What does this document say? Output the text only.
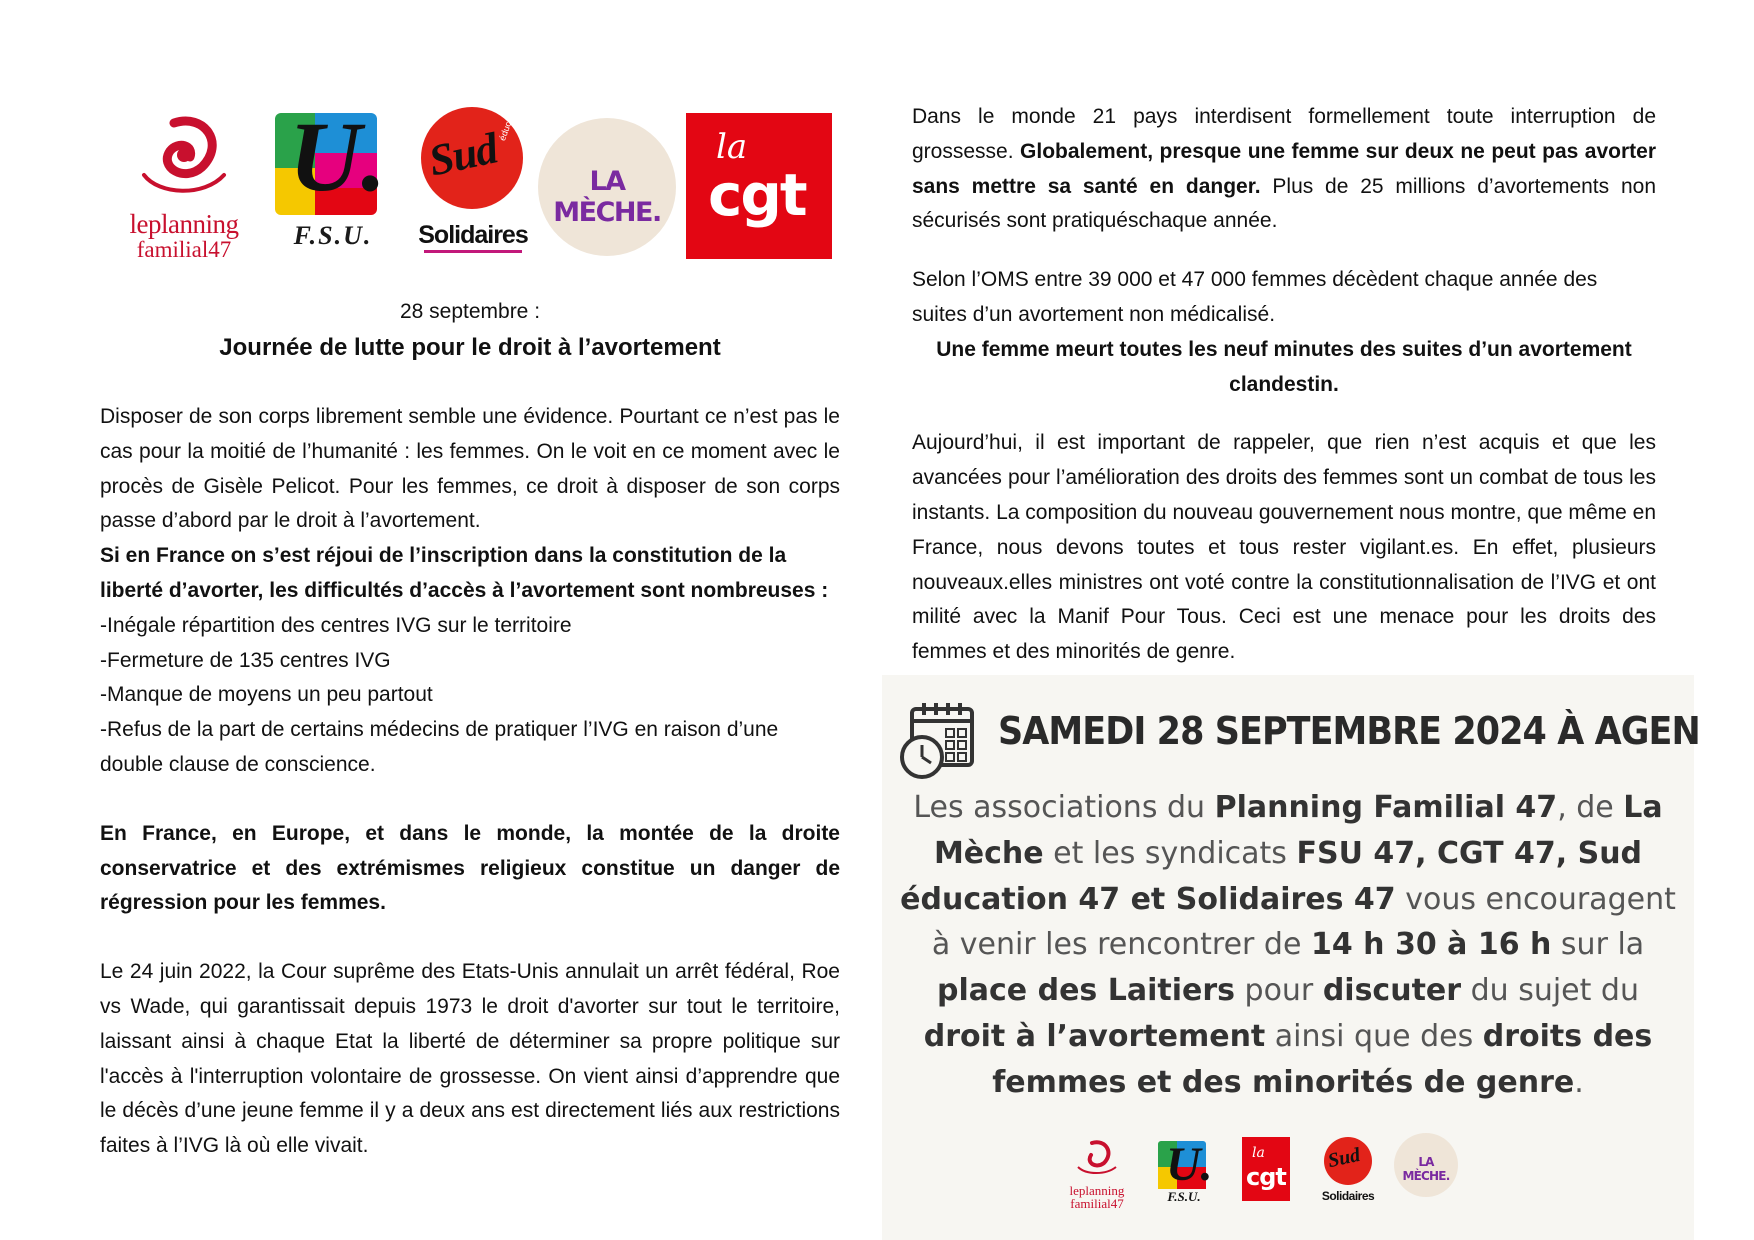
leplanning
familial47
U.
F.S.U.
éducation
Sud
Solidaires
LA MÈCHE.
la
cgt
28 septembre :
Journée de lutte pour le droit à l’avortement

Disposer de son corps librement semble une évidence. Pourtant ce n’est pas le cas pour la moitié de l’humanité : les femmes. On le voit en ce moment avec le procès de Gisèle Pelicot. Pour les femmes, ce droit à disposer de son corps passe d’abord par le droit à l’avortement.

Si en France on s’est réjoui de l’inscription dans la constitution de la liberté d’avorter, les difficultés d’accès à l’avortement sont nombreuses :

-Inégale répartition des centres IVG sur le territoire

-Fermeture de 135 centres IVG

-Manque de moyens un peu partout

-Refus de la part de certains médecins de pratiquer l’IVG en raison d’une double clause de conscience.

En France, en Europe, et dans le monde, la montée de la droite conservatrice et des extrémismes religieux constitue un danger de régression pour les femmes.

Le 24 juin 2022, la Cour suprême des Etats-Unis annulait un arrêt fédéral, Roe vs Wade, qui garantissait depuis 1973 le droit d'avorter sur tout le territoire, laissant ainsi à chaque Etat la liberté de déterminer sa propre politique sur l'accès à l'interruption volontaire de grossesse. On vient ainsi d’apprendre que le décès d’une jeune femme il y a deux ans est directement liés aux restrictions faites à l’IVG là où elle vivait.

Dans le monde 21 pays interdisent formellement toute interruption de grossesse. Globalement, presque une femme sur deux ne peut pas avorter sans mettre sa santé en danger. Plus de 25 millions d’avortements non sécurisés sont pratiquéschaque année.

Selon l’OMS entre 39 000 et 47 000 femmes décèdent chaque année des suites d’un avortement non médicalisé.

Une femme meurt toutes les neuf minutes des suites d’un avortement clandestin.

Aujourd’hui, il est important de rappeler, que rien n’est acquis et que les avancées pour l’amélioration des droits des femmes sont un combat de tous les instants. La composition du nouveau gouvernement nous montre, que même en France, nous devons toutes et tous rester vigilant.es. En effet, plusieurs nouveaux.elles ministres ont voté contre la constitutionnalisation de l’IVG et ont milité avec la Manif Pour Tous. Ceci est une menace pour les droits des femmes et des minorités de genre.

SAMEDI 28 SEPTEMBRE 2024 À AGEN
Les associations du Planning Familial 47, de La Mèche et les syndicats FSU 47, CGT 47, Sud éducation 47 et Solidaires 47 vous encouragent à venir les rencontrer de 14 h 30 à 16 h sur la place des Laitiers pour discuter du sujet du droit à l’avortement ainsi que des droits des femmes et des minorités de genre.
leplanning
familial47
U.
F.S.U.
la
cgt
Sud
Solidaires
LA MÈCHE.
